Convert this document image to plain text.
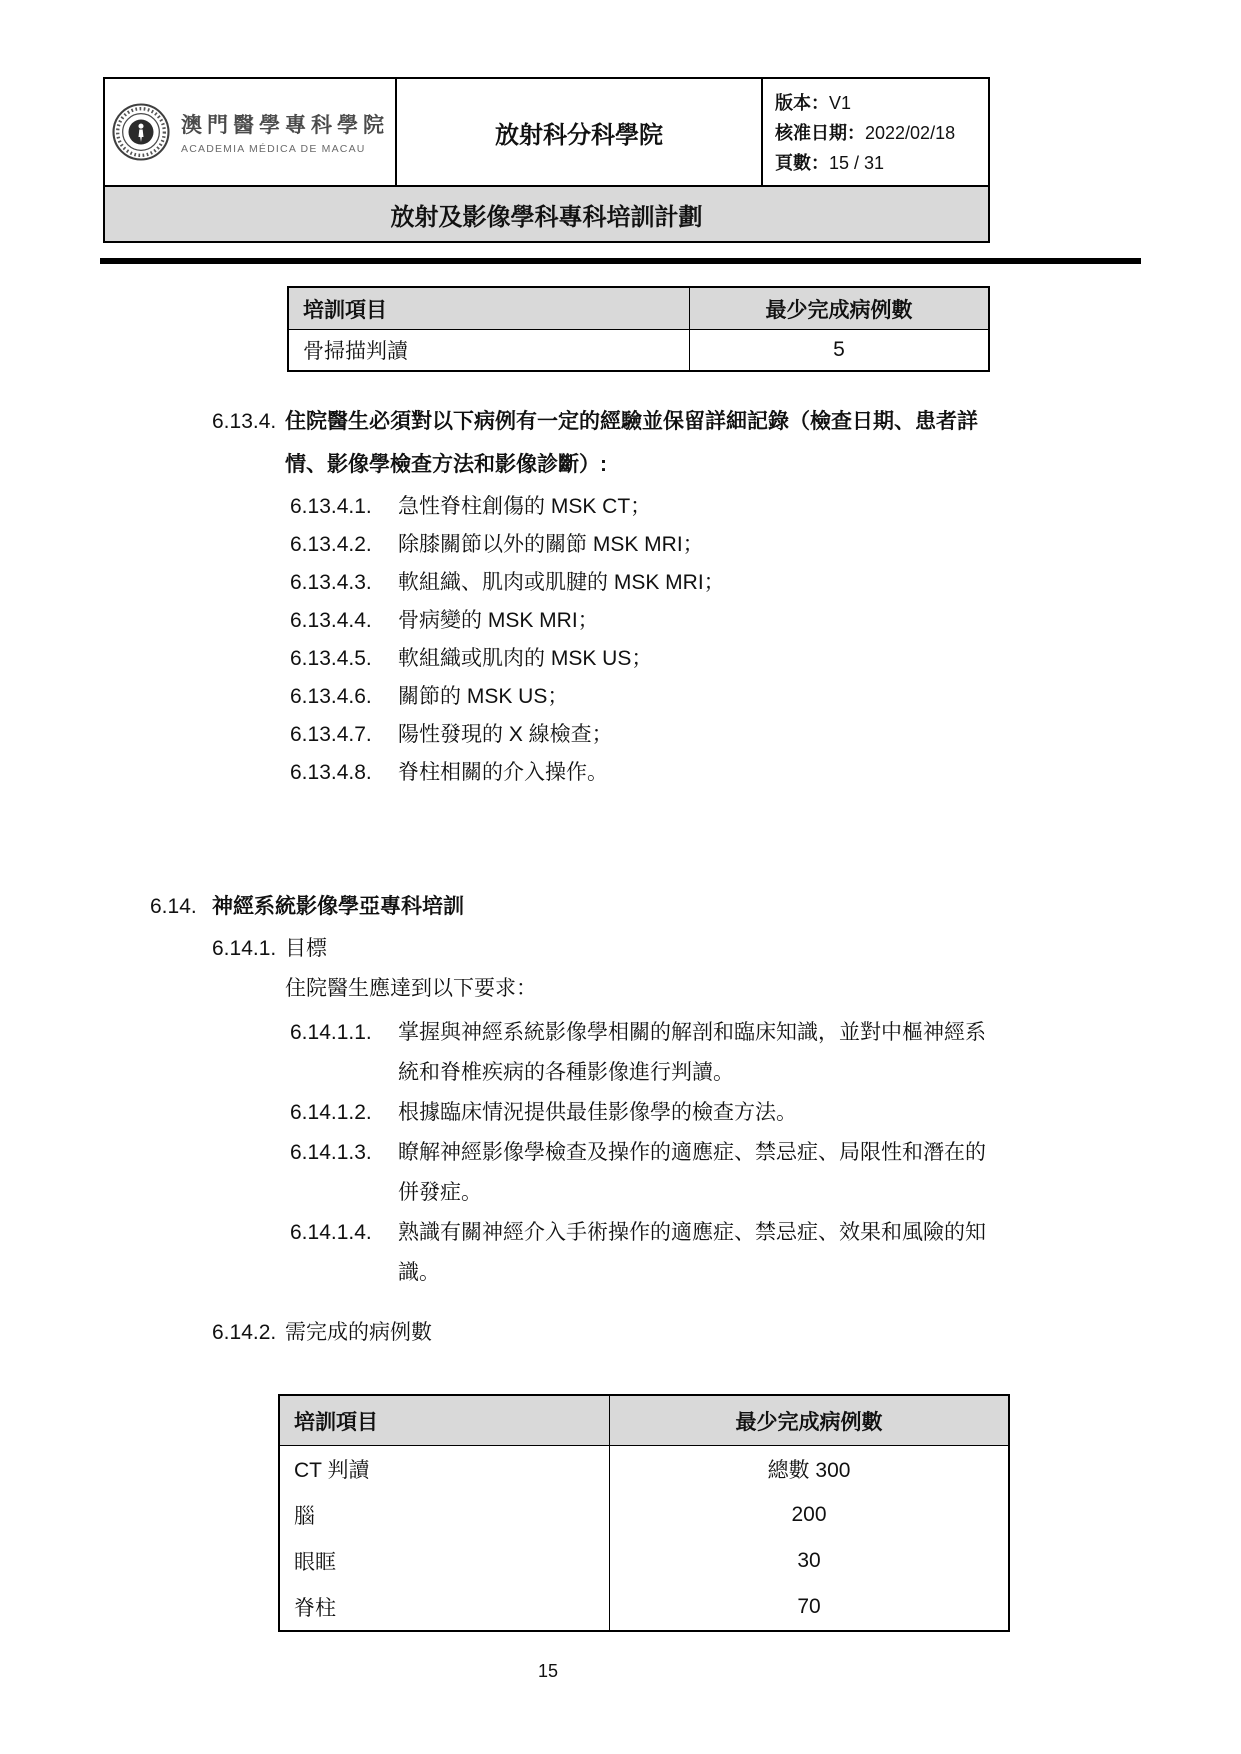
澳門醫學專科學院
ACADEMIA MÉDICA DE MACAU
放射科分科學院
版本：V1
核准日期：2022/02/18
頁數：15 / 31
放射及影像學科專科培訓計劃
培訓項目	最少完成病例數
骨掃描判讀	5
6.13.4. 住院醫生必須對以下病例有一定的經驗並保留詳細記錄（檢查日期、患者詳
情、影像學檢查方法和影像診斷）:
6.13.4.1.	急性脊柱創傷的 MSK CT；
6.13.4.2.	除膝關節以外的關節 MSK MRI；
6.13.4.3.	軟組織、肌肉或肌腱的 MSK MRI；
6.13.4.4.	骨病變的 MSK MRI；
6.13.4.5.	軟組織或肌肉的 MSK US；
6.13.4.6.	關節的 MSK US；
6.13.4.7.	陽性發現的 X 線檢查；
6.13.4.8.	脊柱相關的介入操作。
6.14. 神經系統影像學亞專科培訓
6.14.1. 目標
住院醫生應達到以下要求：
6.14.1.1.	掌握與神經系統影像學相關的解剖和臨床知識，並對中樞神經系
統和脊椎疾病的各種影像進行判讀。
6.14.1.2.	根據臨床情況提供最佳影像學的檢查方法。
6.14.1.3.	瞭解神經影像學檢查及操作的適應症、禁忌症、局限性和潛在的
併發症。
6.14.1.4.	熟識有關神經介入手術操作的適應症、禁忌症、效果和風險的知
識。
6.14.2. 需完成的病例數
培訓項目	最少完成病例數
CT 判讀	總數 300
腦	200
眼眶	30
脊柱	70
15
